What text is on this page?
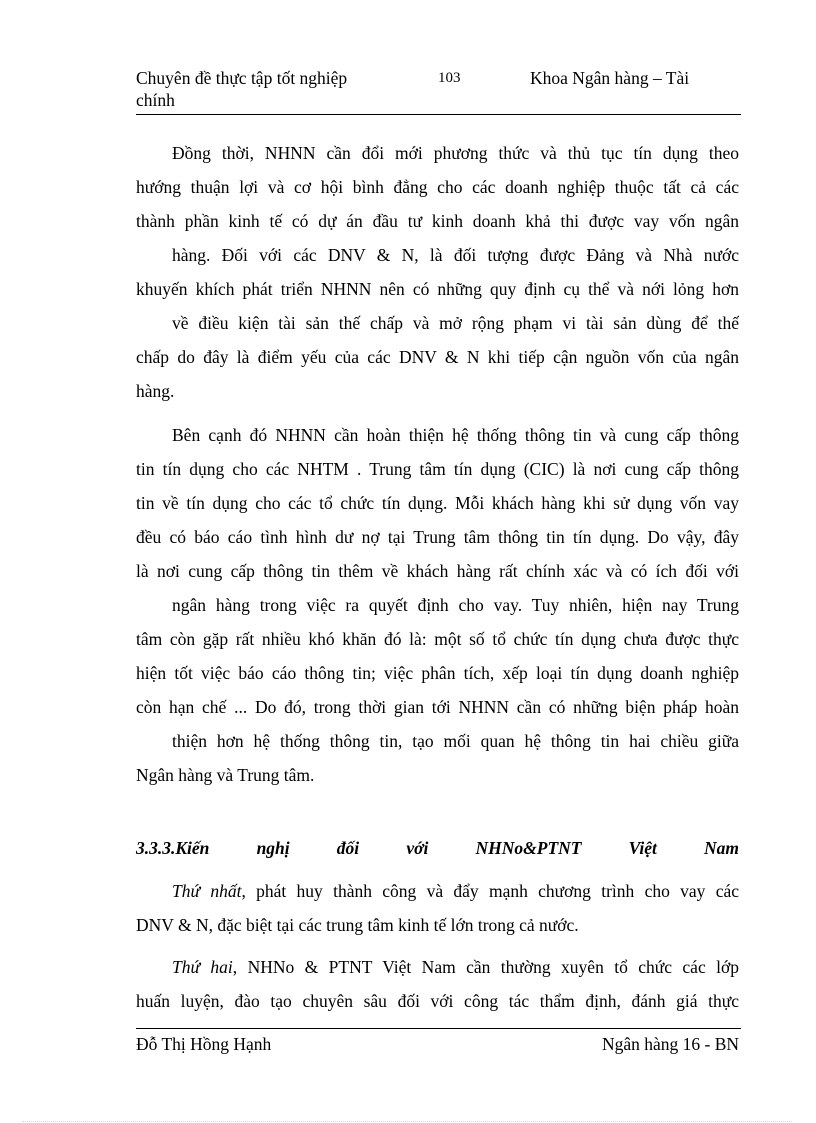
Chuyên đề thực tập tốt nghiệp
chính
103	Khoa Ngân hàng – Tài
Đồng thời, NHNN cần đổi mới phương thức và thủ tục tín dụng theo
hướng thuận lợi và cơ hội bình đẳng cho các doanh nghiệp thuộc tất cả các
thành phần kinh tế có dự án đầu tư kinh doanh khả thi được vay vốn ngân
hàng. Đối với các DNV & N, là đối tượng được Đảng và Nhà nước
khuyến khích phát triển NHNN nên có những quy định cụ thể và nới lỏng hơn
về điều kiện tài sản thế chấp và mở rộng phạm vi tài sản dùng để thế
chấp do đây là điểm yếu của các DNV & N khi tiếp cận nguồn vốn của ngân
hàng.
Bên cạnh đó NHNN cần hoàn thiện hệ thống thông tin và cung cấp thông
tin tín dụng cho các NHTM . Trung tâm tín dụng (CIC) là nơi cung cấp thông
tin về tín dụng cho các tổ chức tín dụng. Mỗi khách hàng khi sử dụng vốn vay
đều có báo cáo tình hình dư nợ tại Trung tâm thông tin tín dụng. Do vậy, đây
là nơi cung cấp thông tin thêm về khách hàng rất chính xác và có ích đối với
ngân hàng trong việc ra quyết định cho vay. Tuy nhiên, hiện nay Trung
tâm còn gặp rất nhiều khó khăn đó là: một số tổ chức tín dụng chưa được thực
hiện tốt việc báo cáo thông tin; việc phân tích, xếp loại tín dụng doanh nghiệp
còn hạn chế ... Do đó, trong thời gian tới NHNN cần có những biện pháp hoàn
thiện hơn hệ thống thông tin, tạo mối quan hệ thông tin hai chiều giữa
Ngân hàng và Trung tâm.
3.3.3.Kiến nghị đối với NHNo&PTNT Việt Nam
Thứ nhất, phát huy thành công và đẩy mạnh chương trình cho vay các
DNV & N, đặc biệt tại các trung tâm kinh tế lớn trong cả nước.
Thứ hai, NHNo & PTNT Việt Nam cần thường xuyên tổ chức các lớp
huấn luyện, đào tạo chuyên sâu đối với công tác thẩm định, đánh giá thực
Đỗ Thị Hồng Hạnh	Ngân hàng 16 - BN
